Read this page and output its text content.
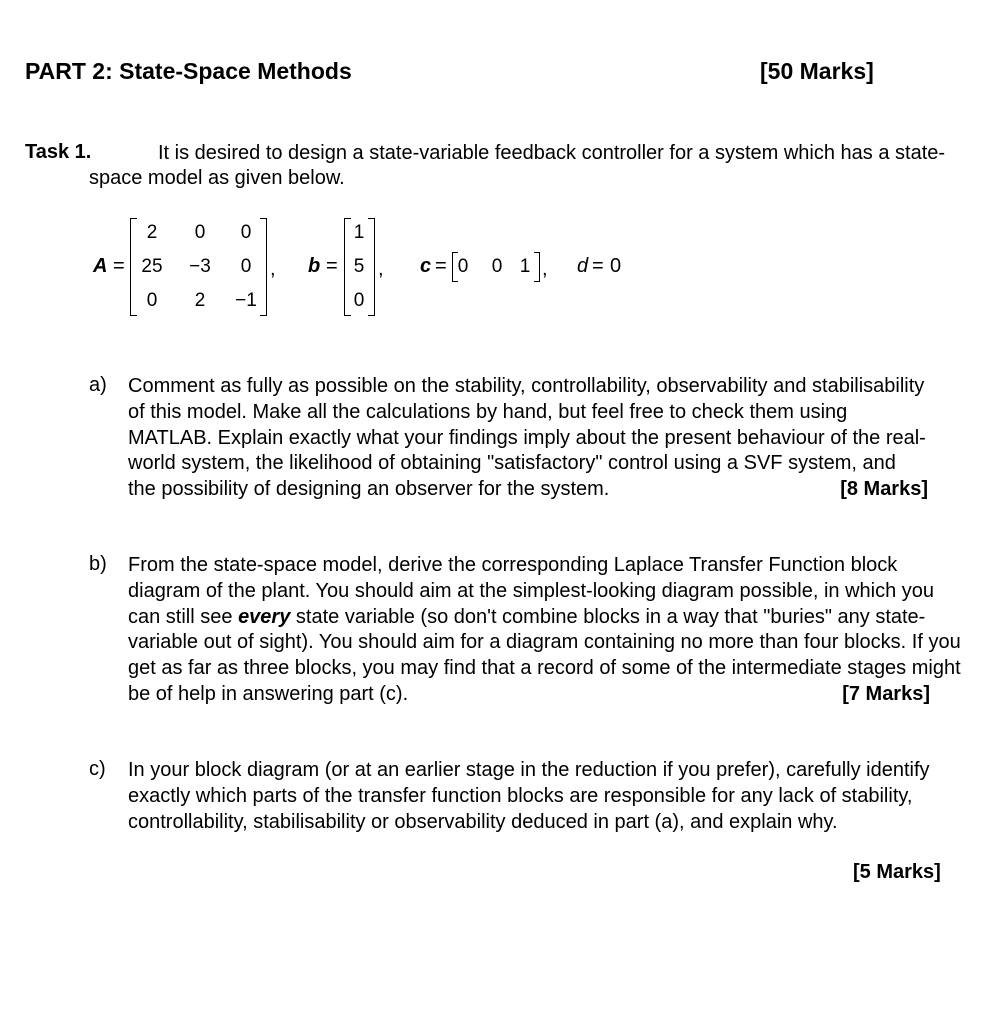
PART 2: State-Space Methods	[50 Marks]
Task 1.	It is desired to design a state-variable feedback controller for a system which has a state-space model as given below.
A =
2	0	0
25 −3	0
0	2	−1
, b =
1
5
0
, c = 0	0 1 , d = 0
a) Comment as fully as possible on the stability, controllability, observability and stabilisability of this model. Make all the calculations by hand, but feel free to check them using MATLAB. Explain exactly what your findings imply about the present behaviour of the real-world system, the likelihood of obtaining "satisfactory" control using a SVF system, and the possibility of designing an observer for the system.	[8 Marks]
b) From the state-space model, derive the corresponding Laplace Transfer Function block diagram of the plant. You should aim at the simplest-looking diagram possible, in which you can still see every state variable (so don't combine blocks in a way that "buries" any state-variable out of sight). You should aim for a diagram containing no more than four blocks. If you get as far as three blocks, you may find that a record of some of the intermediate stages might be of help in answering part (c).	[7 Marks]
c) In your block diagram (or at an earlier stage in the reduction if you prefer), carefully identify exactly which parts of the transfer function blocks are responsible for any lack of stability, controllability, stabilisability or observability deduced in part (a), and explain why.
[5 Marks]
